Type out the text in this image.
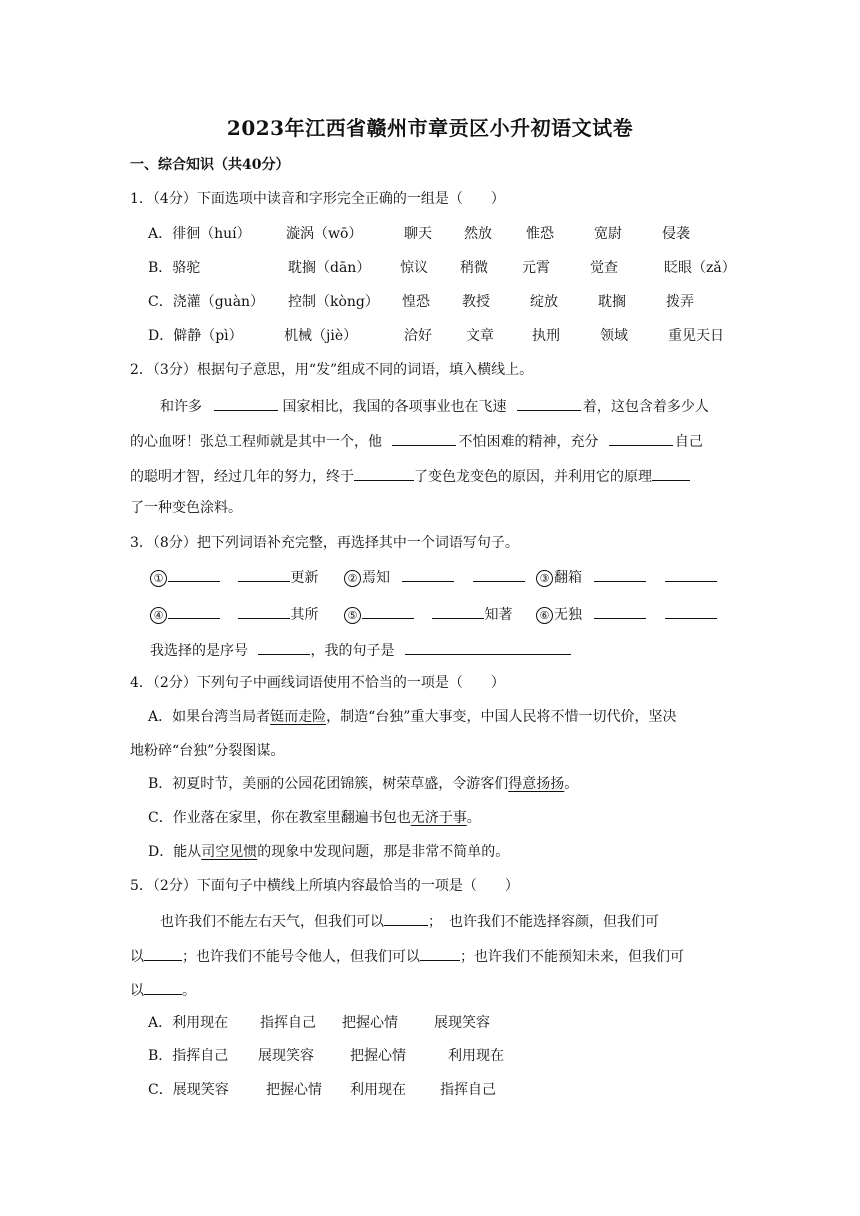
2023年江西省赣州市章贡区小升初语文试卷
一、综合知识（共40分）
1．（4分）下面选项中读音和字形完全正确的一组是（　　）
A．徘徊（huí）	漩涡（wō）	聊天 然放 惟恐	宽尉	侵袭
B．骆驼	耽搁（dān） 惊议 稍微 元霄	觉查	眨眼（zǎ）
C．浇灌（guàn） 控制（kòng） 惶恐 教授	绽放	耽搁	拨弄
D．僻静（pì）	机械（jiè）	洽好 文章	执刑	领域	重见天日
2．（3分）根据句子意思，用“发”组成不同的词语，填入横线上。
和许多	国家相比，我国的各项事业也在飞速	着，这包含着多少人
的心血呀！张总工程师就是其中一个，他	不怕困难的精神，充分	自己
的聪明才智，经过几年的努力，终于	了变色龙变色的原因，并利用它的原理
了一种变色涂料。
3．（8分）把下列词语补充完整，再选择其中一个词语写句子。
①	更新	② 焉知	③ 翻箱
④	其所	⑤	知著	⑥ 无独
我选择的是序号	，我的句子是
4．（2分）下列句子中画线词语使用不恰当的一项是（　　）
A．如果台湾当局者铤而走险，制造“台独”重大事变，中国人民将不惜一切代价，坚决
地粉碎“台独”分裂图谋。
B．初夏时节，美丽的公园花团锦簇，树荣草盛，令游客们得意扬扬。
C．作业落在家里，你在教室里翻遍书包也无济于事。
D．能从司空见惯的现象中发现问题，那是非常不简单的。
5．（2分）下面句子中横线上所填内容最恰当的一项是（　　）
也许我们不能左右天气，但我们可以	；　也许我们不能选择容颜，但我们可
以	；也许我们不能号令他人，但我们可以	；也许我们不能预知未来，但我们可
以	。
A．利用现在 指挥自己 把握心情	展现笑容
B．指挥自己 展现笑容	把握心情	利用现在
C．展现笑容	把握心情 利用现在 指挥自己
